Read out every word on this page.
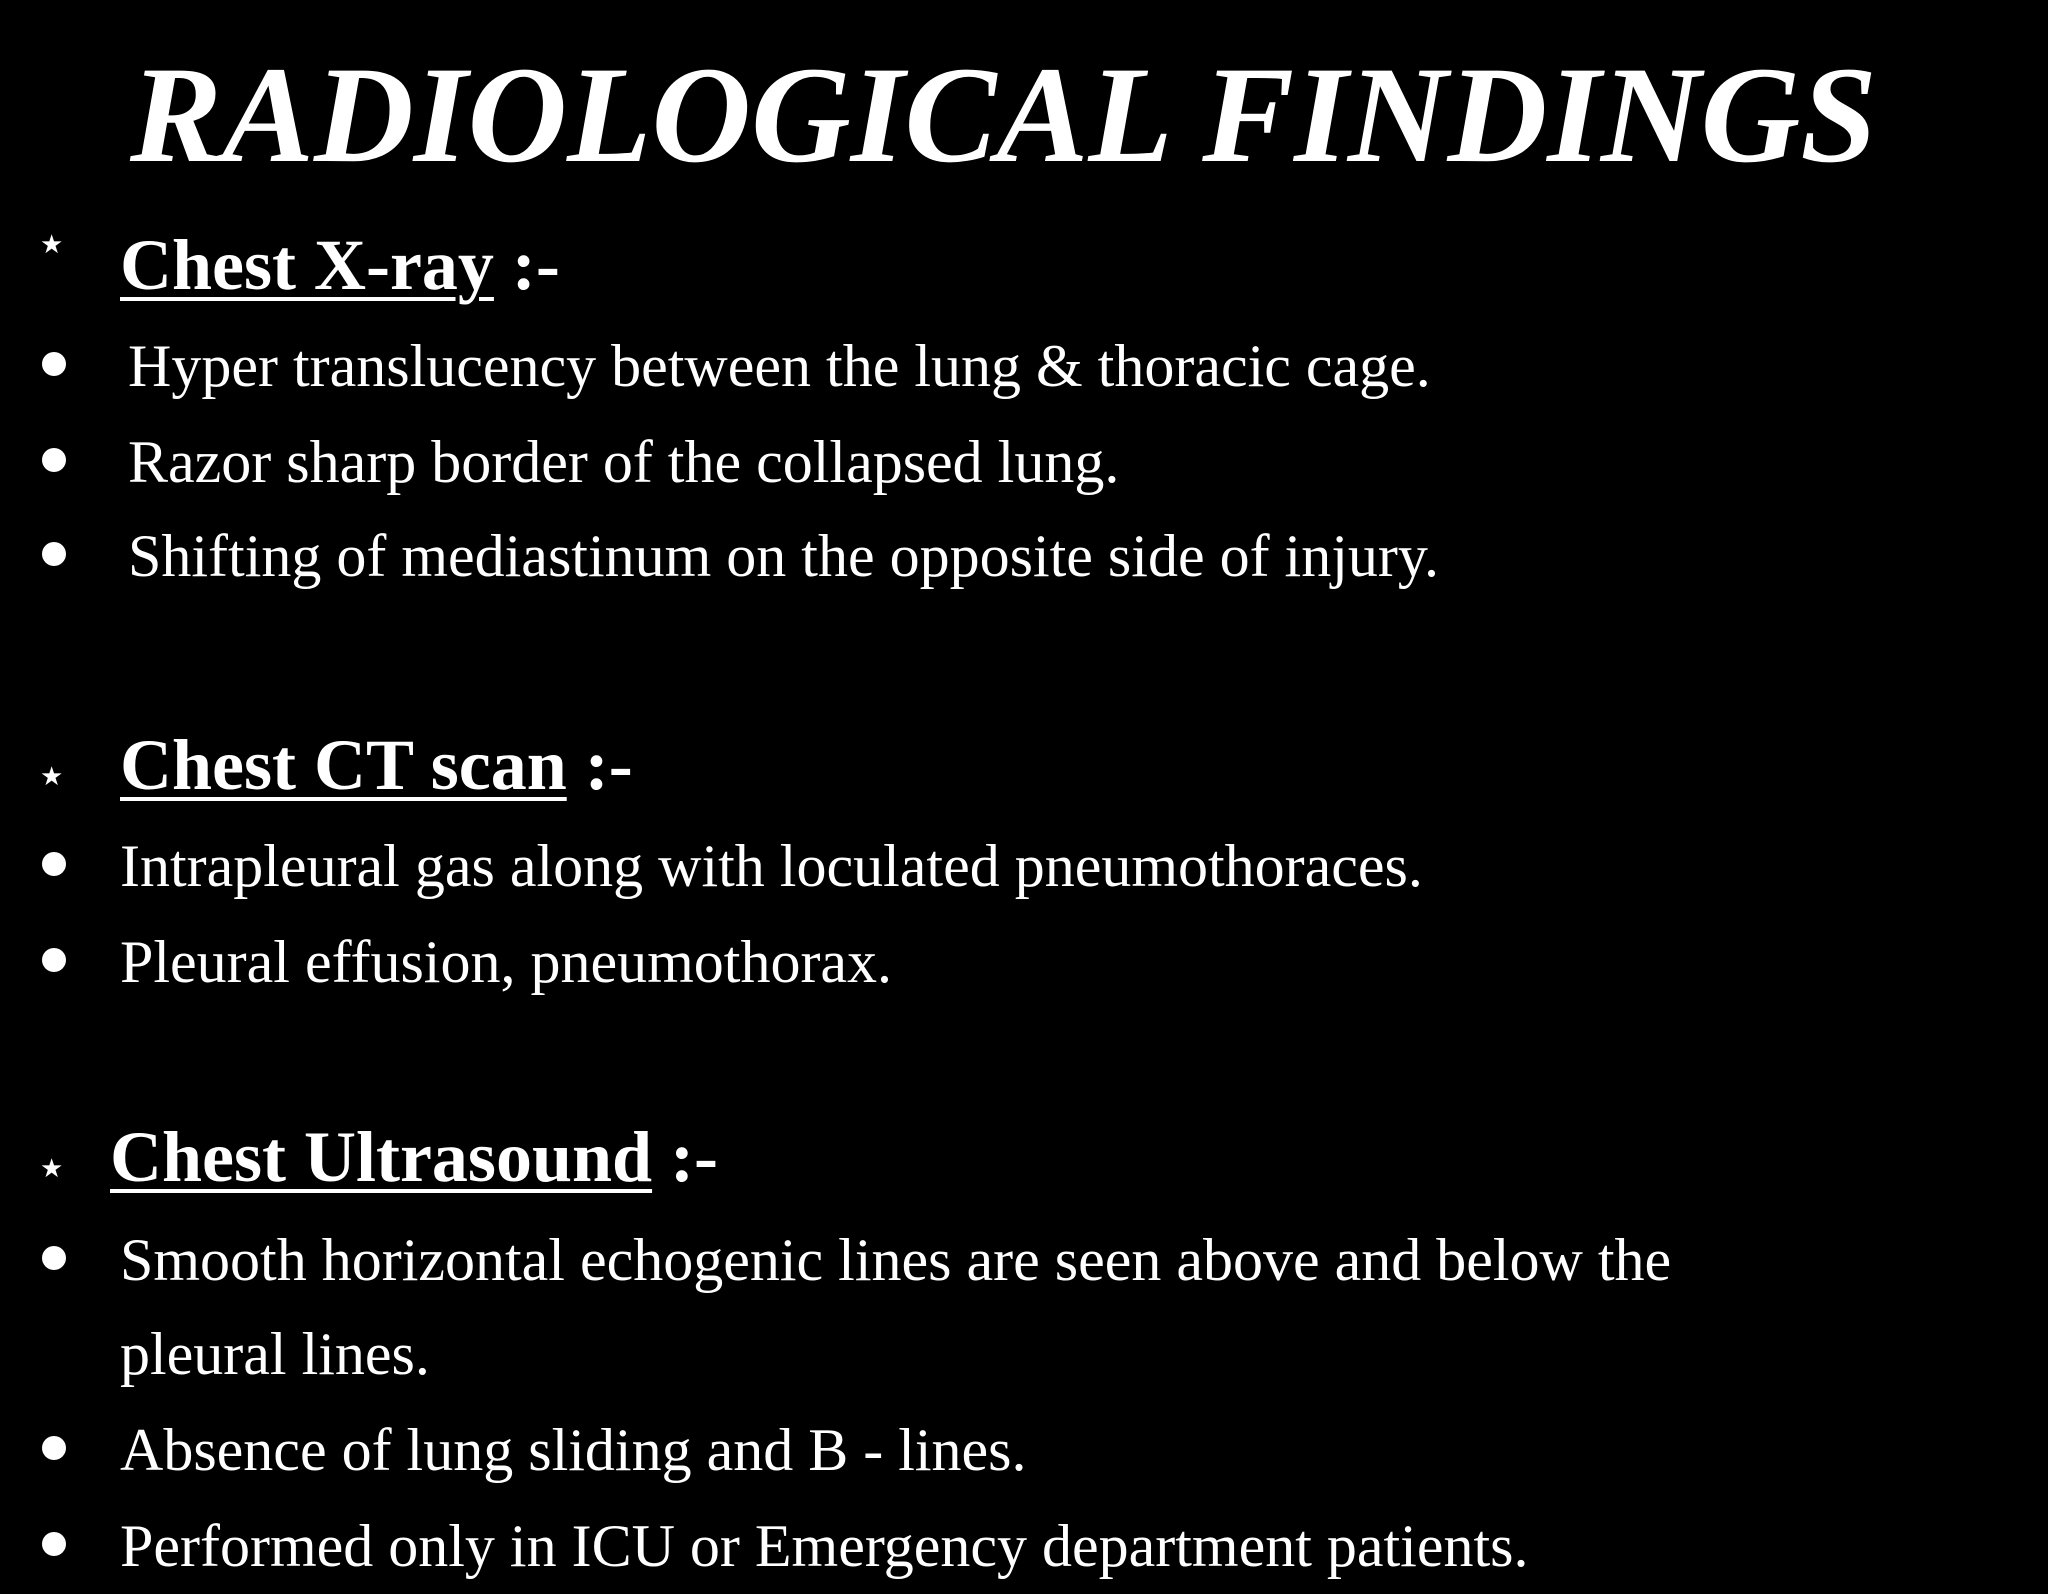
RADIOLOGICAL FINDINGS
★ Chest X-ray :-
Hyper translucency between the lung & thoracic cage.
Razor sharp border of the collapsed lung.
Shifting of mediastinum on the opposite side of injury.
★ Chest CT scan :-
Intrapleural gas along with loculated pneumothoraces.
Pleural effusion, pneumothorax.
★ Chest Ultrasound :-
Smooth horizontal echogenic lines are seen above and below the
pleural lines.
Absence of lung sliding and B - lines.
Performed only in ICU or Emergency department patients.
